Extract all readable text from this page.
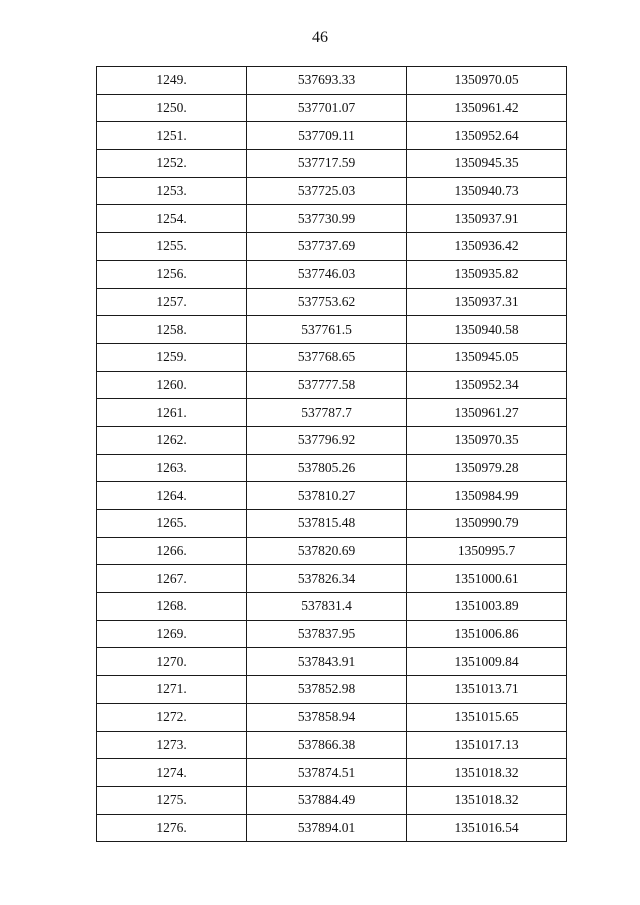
46
1249.	537693.33	1350970.05
1250.	537701.07	1350961.42
1251.	537709.11	1350952.64
1252.	537717.59	1350945.35
1253.	537725.03	1350940.73
1254.	537730.99	1350937.91
1255.	537737.69	1350936.42
1256.	537746.03	1350935.82
1257.	537753.62	1350937.31
1258.	537761.5	1350940.58
1259.	537768.65	1350945.05
1260.	537777.58	1350952.34
1261.	537787.7	1350961.27
1262.	537796.92	1350970.35
1263.	537805.26	1350979.28
1264.	537810.27	1350984.99
1265.	537815.48	1350990.79
1266.	537820.69	1350995.7
1267.	537826.34	1351000.61
1268.	537831.4	1351003.89
1269.	537837.95	1351006.86
1270.	537843.91	1351009.84
1271.	537852.98	1351013.71
1272.	537858.94	1351015.65
1273.	537866.38	1351017.13
1274.	537874.51	1351018.32
1275.	537884.49	1351018.32
1276.	537894.01	1351016.54
